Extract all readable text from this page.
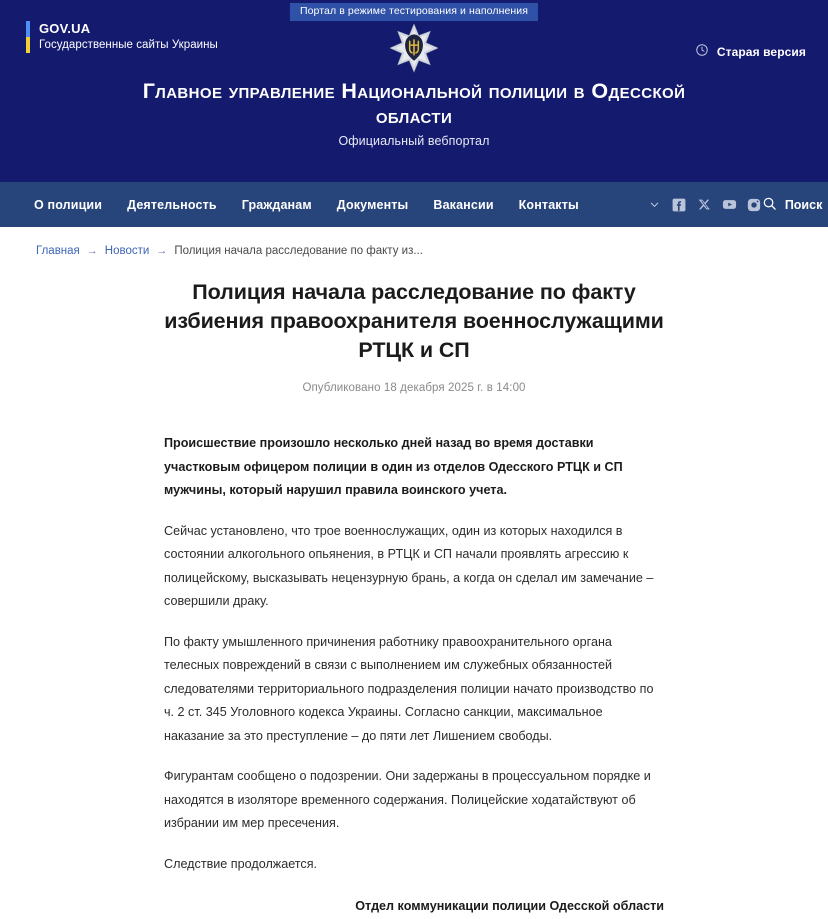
Портал в режиме тестирования и наполнения
GOV.UA
Государственные сайты Украины	Старая версия
Главное управление Национальной полиции в Одесской области
Официальный вебпортал
О полиции Деятельность Гражданам Документы Вакансии Контакты	Поиск
Главная → Новости → Полиция начала расследование по факту из...
Полиция начала расследование по факту избиения правоохранителя военнослужащими РТЦК и СП
Опубликовано 18 декабря 2025 г. в 14:00

Происшествие произошло несколько дней назад во время доставки участковым офицером полиции в один из отделов Одесского РТЦК и СП мужчины, который нарушил правила воинского учета.

Сейчас установлено, что трое военнослужащих, один из которых находился в состоянии алкогольного опьянения, в РТЦК и СП начали проявлять агрессию к полицейскому, высказывать нецензурную брань, а когда он сделал им замечание – совершили драку.

По факту умышленного причинения работнику правоохранительного органа телесных повреждений в связи с выполнением им служебных обязанностей следователями территориального подразделения полиции начато производство по ч. 2 ст. 345 Уголовного кодекса Украины. Согласно санкции, максимальное наказание за это преступление – до пяти лет Лишением свободы.

Фигурантам сообщено о подозрении. Они задержаны в процессуальном порядке и находятся в изоляторе временного содержания. Полицейские ходатайствуют об избрании им мер пресечения.

Следствие продолжается.

Отдел коммуникации полиции Одесской области
